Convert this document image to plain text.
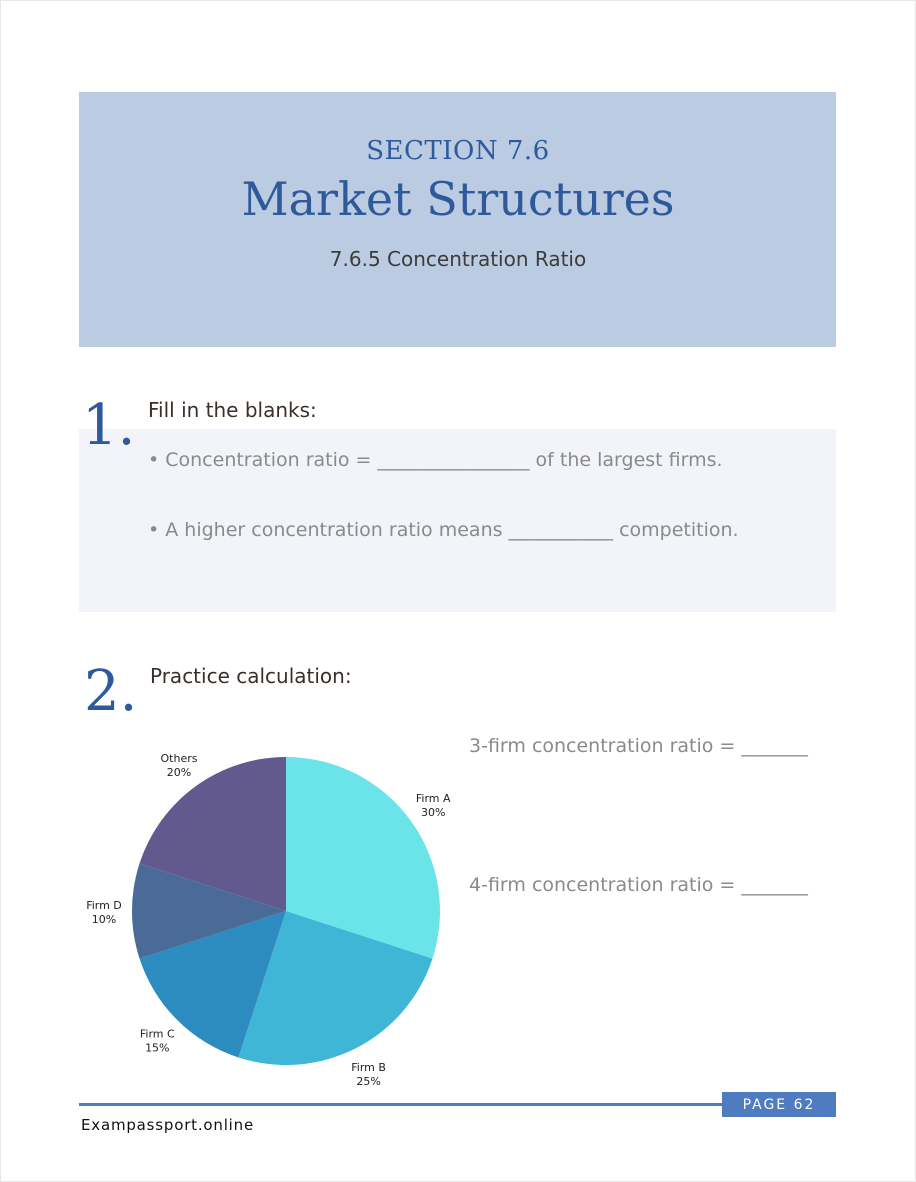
SECTION 7.6
Market Structures
7.6.5 Concentration Ratio
1. Fill in the blanks:
• Concentration ratio = ________________ of the largest firms.
• A higher concentration ratio means ___________ competition.
2. Practice calculation:
3-firm concentration ratio = _______
4-firm concentration ratio = _______
Firm A
30%
Firm B
25%
Firm C
15%
Firm D
10%
Others
20%
PAGE 62
Exampassport.online
